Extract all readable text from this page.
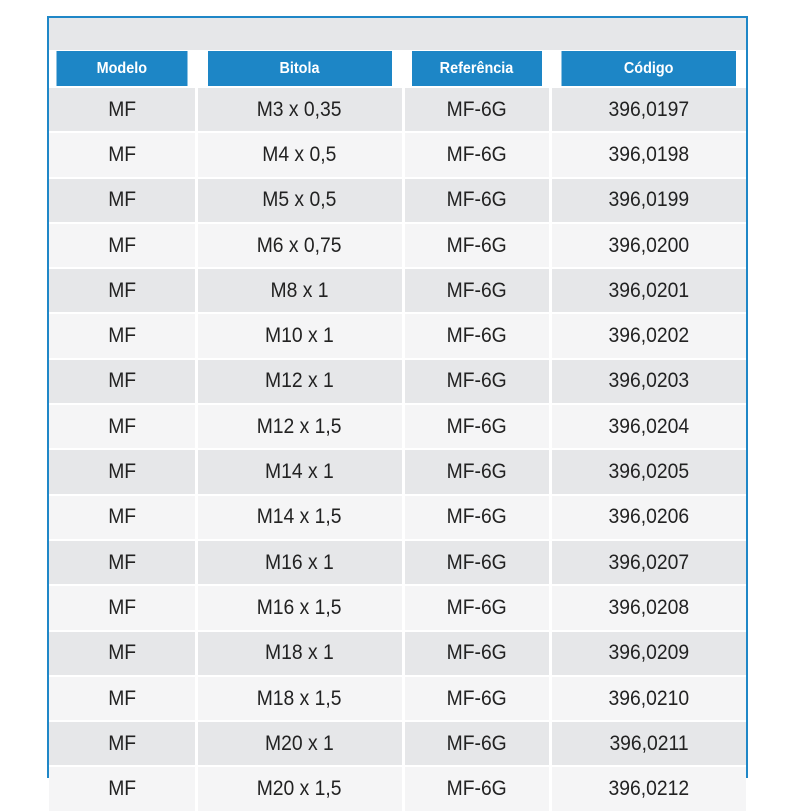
Modelo	Bitola	Referência	Código
MF	M3 x 0,35	MF-6G	396,0197
MF	M4 x 0,5	MF-6G	396,0198
MF	M5 x 0,5	MF-6G	396,0199
MF	M6 x 0,75	MF-6G	396,0200
MF	M8 x 1	MF-6G	396,0201
MF	M10 x 1	MF-6G	396,0202
MF	M12 x 1	MF-6G	396,0203
MF	M12 x 1,5	MF-6G	396,0204
MF	M14 x 1	MF-6G	396,0205
MF	M14 x 1,5	MF-6G	396,0206
MF	M16 x 1	MF-6G	396,0207
MF	M16 x 1,5	MF-6G	396,0208
MF	M18 x 1	MF-6G	396,0209
MF	M18 x 1,5	MF-6G	396,0210
MF	M20 x 1	MF-6G	396,0211
MF	M20 x 1,5	MF-6G	396,0212
